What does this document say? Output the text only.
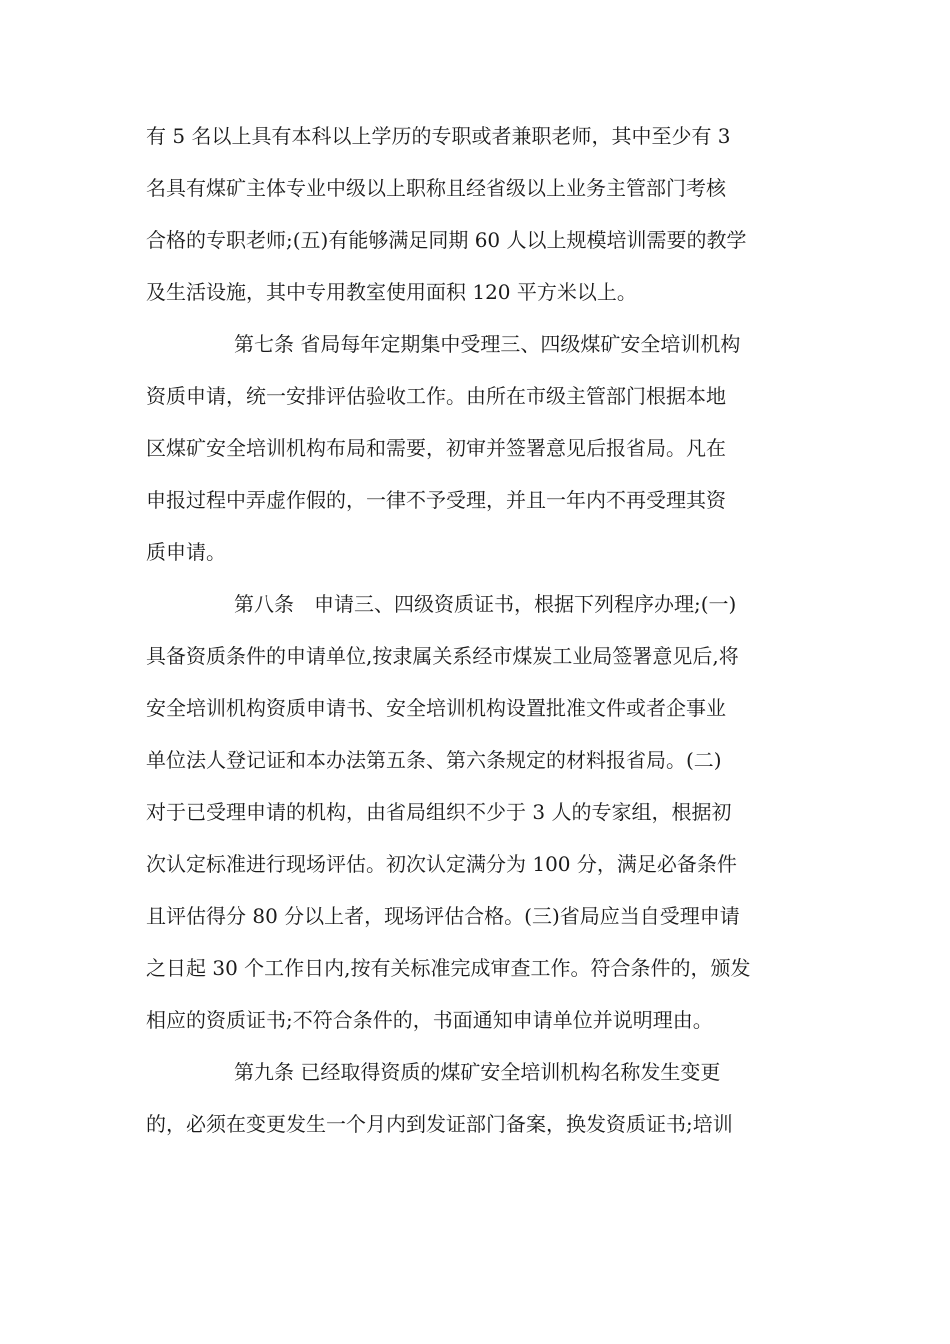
有 5 名以上具有本科以上学历的专职或者兼职老师，其中至少有 3
名具有煤矿主体专业中级以上职称且经省级以上业务主管部门考核
合格的专职老师;(五)有能够满足同期 60 人以上规模培训需要的教学
及生活设施，其中专用教室使用面积 120 平方米以上。
第七条 省局每年定期集中受理三、四级煤矿安全培训机构
资质申请，统一安排评估验收工作。由所在市级主管部门根据本地
区煤矿安全培训机构布局和需要，初审并签署意见后报省局。凡在
申报过程中弄虚作假的，一律不予受理，并且一年内不再受理其资
质申请。
第八条　申请三、四级资质证书，根据下列程序办理;(一)
具备资质条件的申请单位,按隶属关系经市煤炭工业局签署意见后,将
安全培训机构资质申请书、安全培训机构设置批准文件或者企事业
单位法人登记证和本办法第五条、第六条规定的材料报省局。(二)
对于已受理申请的机构，由省局组织不少于 3 人的专家组，根据初
次认定标准进行现场评估。初次认定满分为 100 分，满足必备条件
且评估得分 80 分以上者，现场评估合格。(三)省局应当自受理申请
之日起 30 个工作日内,按有关标准完成审查工作。符合条件的，颁发
相应的资质证书;不符合条件的，书面通知申请单位并说明理由。
第九条 已经取得资质的煤矿安全培训机构名称发生变更
的，必须在变更发生一个月内到发证部门备案，换发资质证书;培训
